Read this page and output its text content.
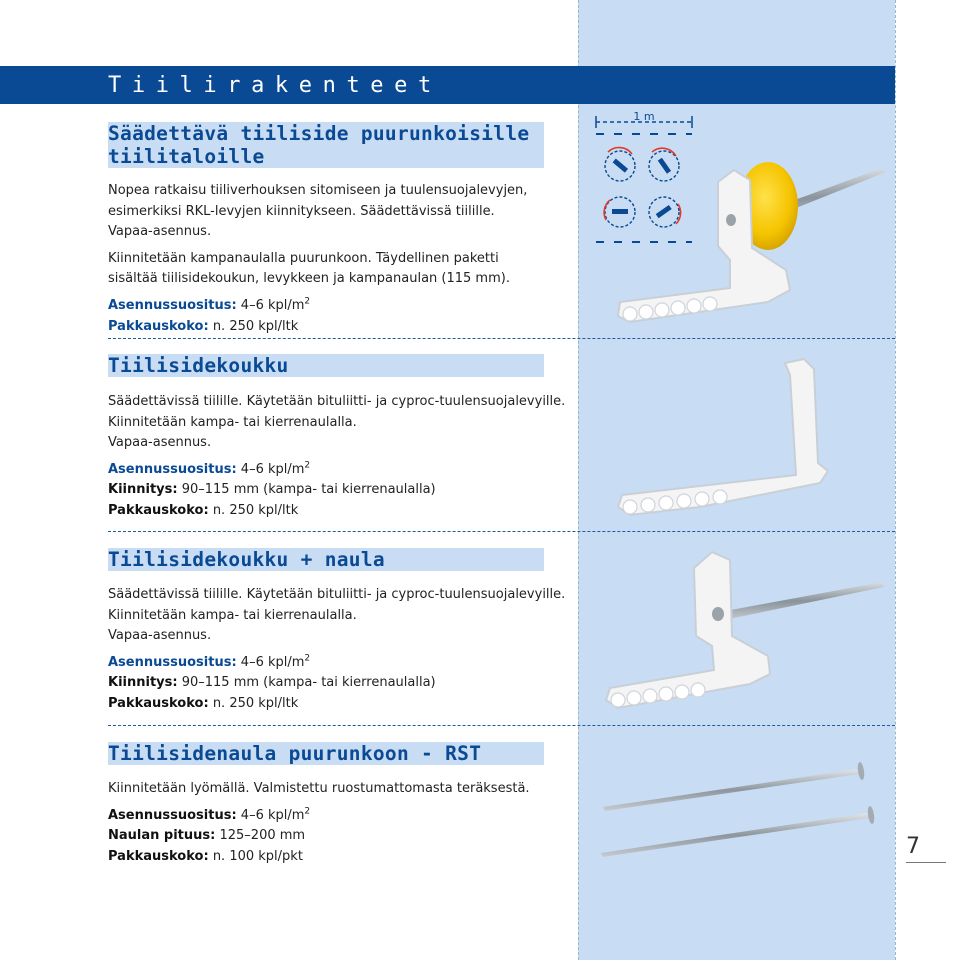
Tiilirakenteet
Säädettävä tiiliside puurunkoisille
tiilitaloille

Nopea ratkaisu tiiliverhouksen sitomiseen ja tuulensuojalevyjen, esimerkiksi RKL-levyjen kiinnitykseen. Säädettävissä tiilille. Vapaa-asennus.

Kiinnitetään kampanaulalla puurunkoon. Täydellinen paketti sisältää tiilisidekoukun, levykkeen ja kampanaulan (115 mm).

Asennussuositus: 4–6 kpl/$m^2$

Pakkauskoko: n. 250 kpl/ltk

1 m
Tiilisidekoukku

Säädettävissä tiilille. Käytetään bituliitti- ja cyproc-tuulensuojalevyille.

Kiinnitetään kampa- tai kierrenaulalla.

Vapaa-asennus.

Asennussuositus: 4–6 kpl/$m^2$

Kiinnitys: 90–115 mm (kampa- tai kierrenaulalla)

Pakkauskoko: n. 250 kpl/ltk

Tiilisidekoukku + naula

Säädettävissä tiilille. Käytetään bituliitti- ja cyproc-tuulensuojalevyille.

Kiinnitetään kampa- tai kierrenaulalla.

Vapaa-asennus.

Asennussuositus: 4–6 kpl/$m^2$

Kiinnitys: 90–115 mm (kampa- tai kierrenaulalla)

Pakkauskoko: n. 250 kpl/ltk

Tiilisidenaula puurunkoon - RST

Kiinnitetään lyömällä. Valmistettu ruostumattomasta teräksestä.

Asennussuositus: 4–6 kpl/$m^2$

Naulan pituus: 125–200 mm

Pakkauskoko: n. 100 kpl/pkt	7
